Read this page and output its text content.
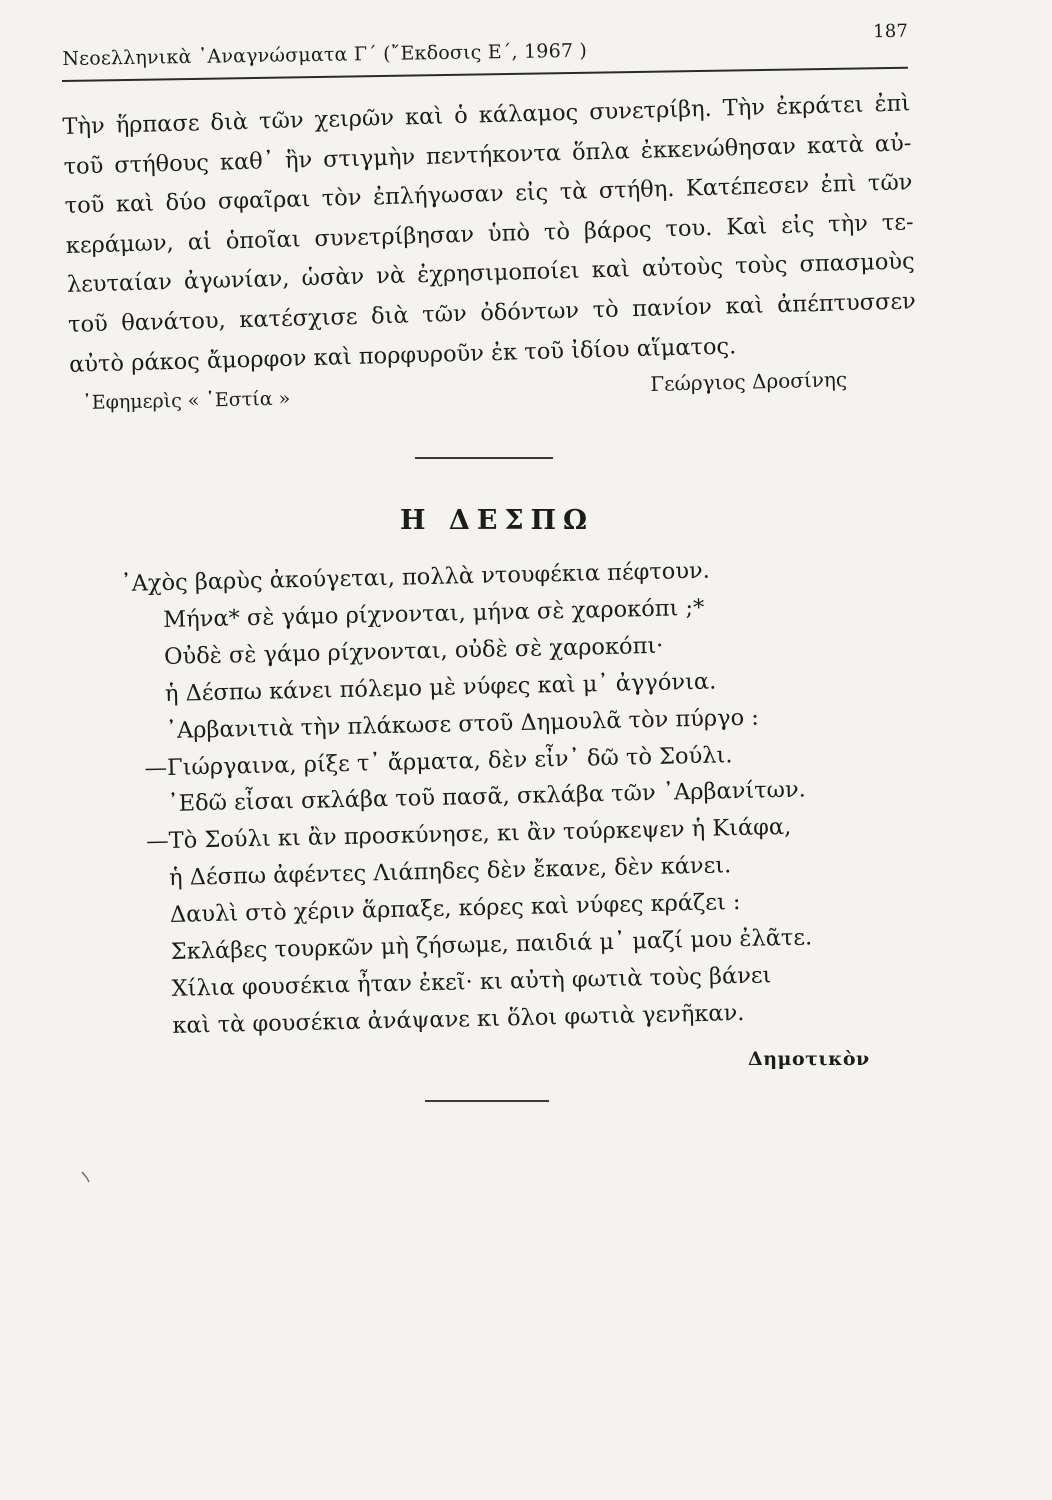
Νεοελληνικὰ ᾿Αναγνώσματα Γ΄ (῎Εκδοσις Ε΄, 1967 )
187
Τὴν ἥρπασε διὰ τῶν χειρῶν καὶ ὁ κάλαμος συνετρίβη. Τὴν ἐκράτει ἐπὶ
τοῦ στήθους καθ᾿ ἣν στιγμὴν πεντήκοντα ὅπλα ἐκκενώθησαν κατὰ αὐ-
τοῦ καὶ δύο σφαῖραι τὸν ἐπλήγωσαν εἰς τὰ στήθη. Κατέπεσεν ἐπὶ τῶν
κεράμων, αἱ ὁποῖαι συνετρίβησαν ὑπὸ τὸ βάρος του. Καὶ εἰς τὴν τε-
λευταίαν ἀγωνίαν, ὡσὰν νὰ ἐχρησιμοποίει καὶ αὐτοὺς τοὺς σπασμοὺς
τοῦ θανάτου, κατέσχισε διὰ τῶν ὀδόντων τὸ πανίον καὶ ἀπέπτυσσεν
αὐτὸ ράκος ἄμορφον καὶ πορφυροῦν ἐκ τοῦ ἰδίου αἵματος.
᾿Εφημερὶς « ῾Εστία »
Γεώργιος Δροσίνης
Η ΔΕΣΠΩ
᾿Αχὸς βαρὺς ἀκούγεται, πολλὰ ντουφέκια πέφτουν.
Μήνα* σὲ γάμο ρίχνονται, μήνα σὲ χαροκόπι ;*
Οὐδὲ σὲ γάμο ρίχνονται, οὐδὲ σὲ χαροκόπι·
ἡ Δέσπω κάνει πόλεμο μὲ νύφες καὶ μ᾿ ἀγγόνια.
᾿Αρβανιτιὰ τὴν πλάκωσε στοῦ Δημουλᾶ τὸν πύργο :
—Γιώργαινα, ρίξε τ᾿ ἄρματα, δὲν εἶν᾿ δῶ τὸ Σούλι.
᾿Εδῶ εἶσαι σκλάβα τοῦ πασᾶ, σκλάβα τῶν ᾿Αρβανίτων.
—Τὸ Σούλι κι ἂν προσκύνησε, κι ἂν τούρκεψεν ἡ Κιάφα,
ἡ Δέσπω ἀφέντες Λιάπηδες δὲν ἔκανε, δὲν κάνει.
Δαυλὶ στὸ χέριν ἅρπαξε, κόρες καὶ νύφες κράζει :
Σκλάβες τουρκῶν μὴ ζήσωμε, παιδιά μ᾿ μαζί μου ἐλᾶτε.
Χίλια φουσέκια ἦταν ἐκεῖ· κι αὐτὴ φωτιὰ τοὺς βάνει
καὶ τὰ φουσέκια ἀνάψανε κι ὅλοι φωτιὰ γενῆκαν.
Δημοτικὸν
